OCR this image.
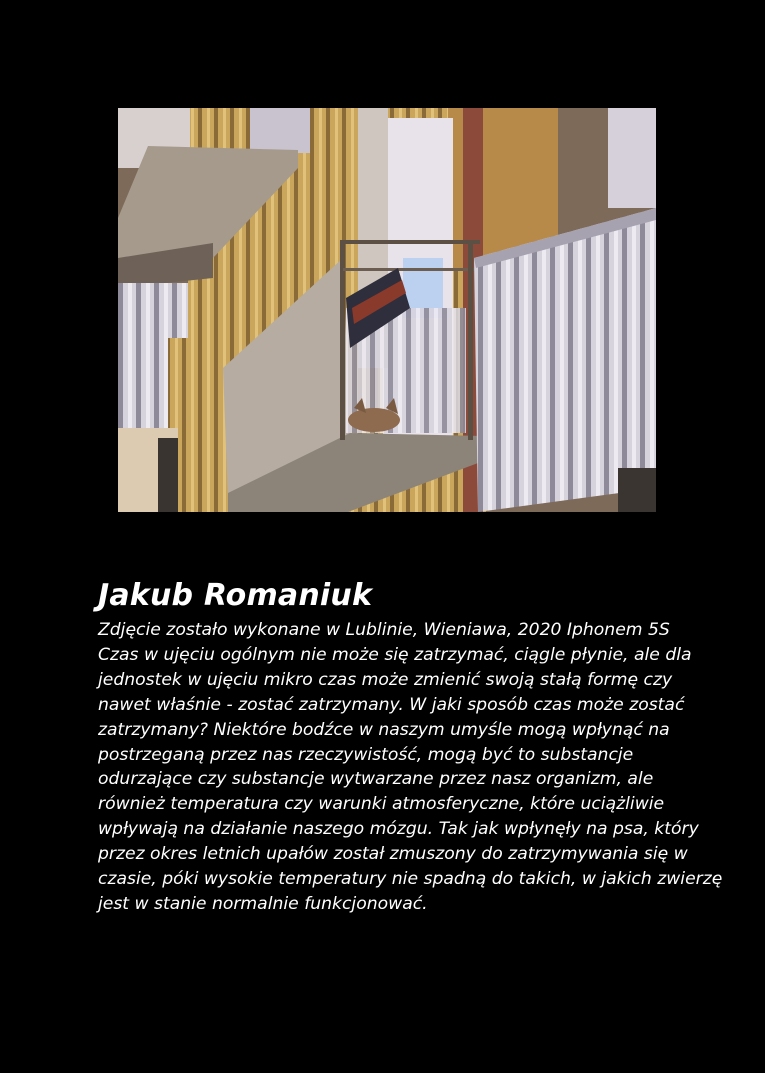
Jakub Romaniuk
Zdjęcie zostało wykonane w Lublinie, Wieniawa, 2020 Iphonem 5S
Czas w ujęciu ogólnym nie może się zatrzymać, ciągle płynie, ale dla
jednostek w ujęciu mikro czas może zmienić swoją stałą formę czy
nawet właśnie - zostać zatrzymany. W jaki sposób czas może zostać
zatrzymany? Niektóre bodźce w naszym umyśle mogą wpłynąć na
postrzeganą przez nas rzeczywistość, mogą być to substancje
odurzające czy substancje wytwarzane przez nasz organizm, ale
również temperatura czy warunki atmosferyczne, które uciążliwie
wpływają na działanie naszego mózgu. Tak jak wpłynęły na psa, który
przez okres letnich upałów został zmuszony do zatrzymywania się w
czasie, póki wysokie temperatury nie spadną do takich, w jakich zwierzę
jest w stanie normalnie funkcjonować.
